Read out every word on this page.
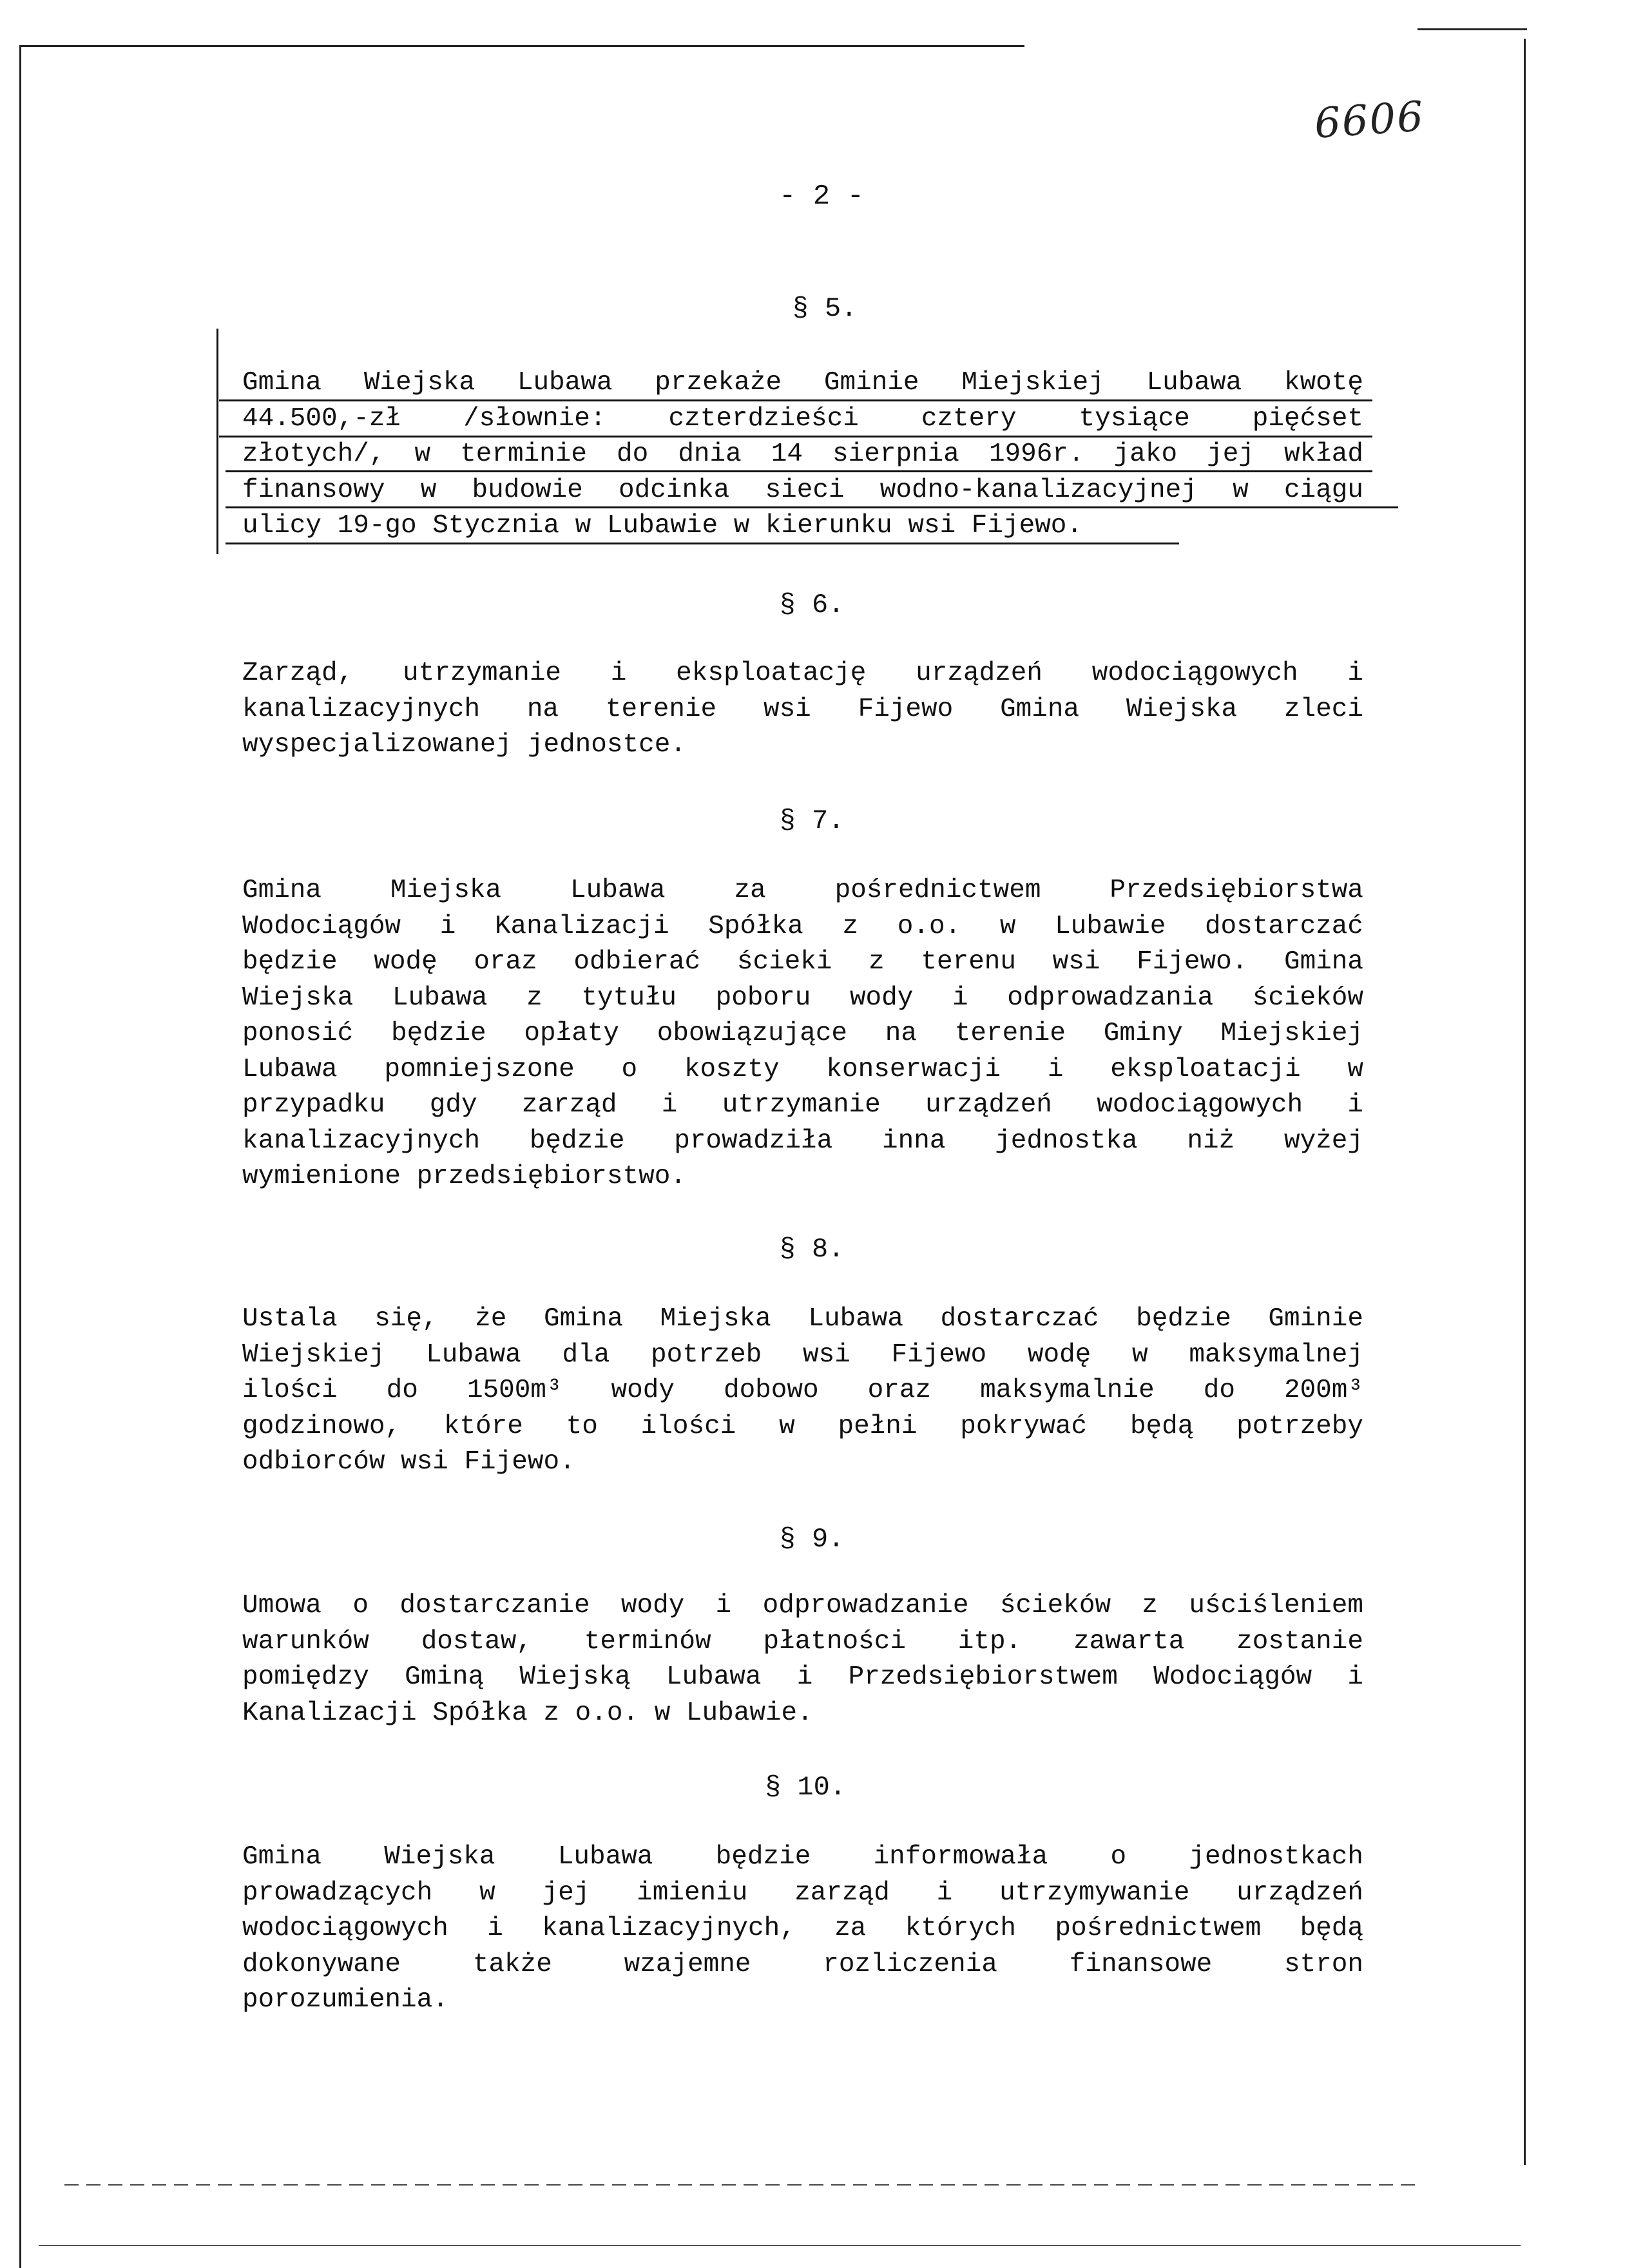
6606
- 2 -
§ 5.
Gmina Wiejska Lubawa przekaże Gminie Miejskiej Lubawa kwotę
44.500,-zł /słownie: czterdzieści cztery tysiące pięćset
złotych/, w terminie do dnia 14 sierpnia 1996r. jako jej wkład
finansowy w budowie odcinka sieci wodno-kanalizacyjnej w ciągu
ulicy 19-go Stycznia w Lubawie w kierunku wsi Fijewo.
§ 6.
Zarząd, utrzymanie i eksploatację urządzeń wodociągowych i
kanalizacyjnych na terenie wsi Fijewo Gmina Wiejska zleci
wyspecjalizowanej jednostce.
§ 7.
Gmina Miejska Lubawa za pośrednictwem Przedsiębiorstwa
Wodociągów i Kanalizacji Spółka z o.o. w Lubawie dostarczać
będzie wodę oraz odbierać ścieki z terenu wsi Fijewo. Gmina
Wiejska Lubawa z tytułu poboru wody i odprowadzania ścieków
ponosić będzie opłaty obowiązujące na terenie Gminy Miejskiej
Lubawa pomniejszone o koszty konserwacji i eksploatacji w
przypadku gdy zarząd i utrzymanie urządzeń wodociągowych i
kanalizacyjnych będzie prowadziła inna jednostka niż wyżej
wymienione przedsiębiorstwo.
§ 8.
Ustala się, że Gmina Miejska Lubawa dostarczać będzie Gminie
Wiejskiej Lubawa dla potrzeb wsi Fijewo wodę w maksymalnej
ilości do 1500m³ wody dobowo oraz maksymalnie do 200m³
godzinowo, które to ilości w pełni pokrywać będą potrzeby
odbiorców wsi Fijewo.
§ 9.
Umowa o dostarczanie wody i odprowadzanie ścieków z uściśleniem
warunków dostaw, terminów płatności itp. zawarta zostanie
pomiędzy Gminą Wiejską Lubawa i Przedsiębiorstwem Wodociągów i
Kanalizacji Spółka z o.o. w Lubawie.
§ 10.
Gmina Wiejska Lubawa będzie informowała o jednostkach
prowadzących w jej imieniu zarząd i utrzymywanie urządzeń
wodociągowych i kanalizacyjnych, za których pośrednictwem będą
dokonywane także wzajemne rozliczenia finansowe stron
porozumienia.
